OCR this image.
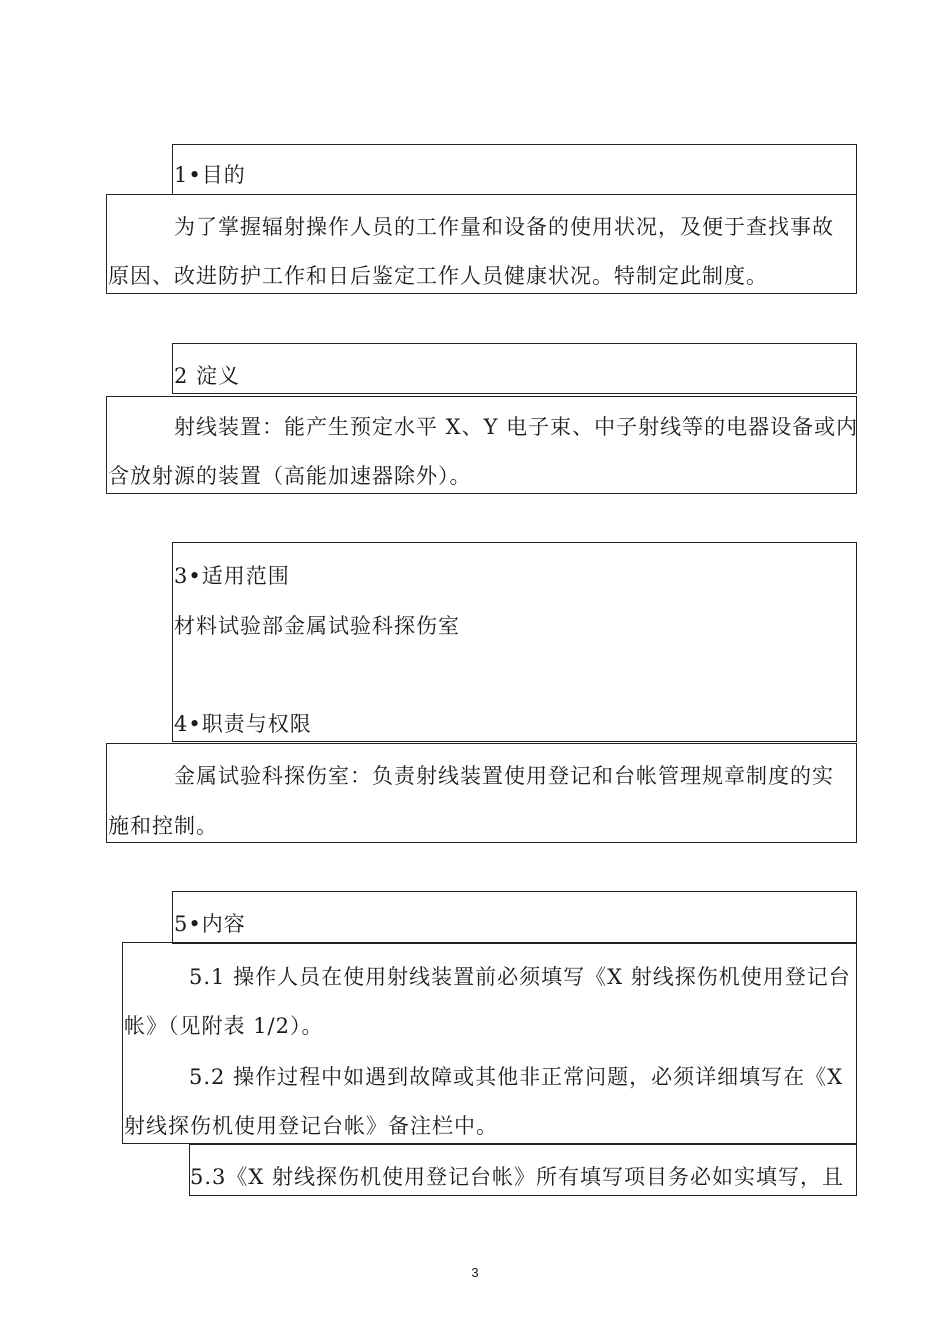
1•目的
为了掌握辐射操作人员的工作量和设备的使用状况，及便于查找事故
原因、改进防护工作和日后鉴定工作人员健康状况。特制定此制度。
2 淀义
射线装置：能产生预定水平 X、Y 电子束、中子射线等的电器设备或内
含放射源的装置（高能加速器除外）。
3•适用范围
材料试验部金属试验科探伤室
4•职责与权限
金属试验科探伤室：负责射线装置使用登记和台帐管理规章制度的实
施和控制。
5•内容
5.1 操作人员在使用射线装置前必须填写《X 射线探伤机使用登记台
帐》（见附表 1/2）。
5.2 操作过程中如遇到故障或其他非正常问题，必须详细填写在《X
射线探伤机使用登记台帐》备注栏中。
5.3《X 射线探伤机使用登记台帐》所有填写项目务必如实填写，且
3
